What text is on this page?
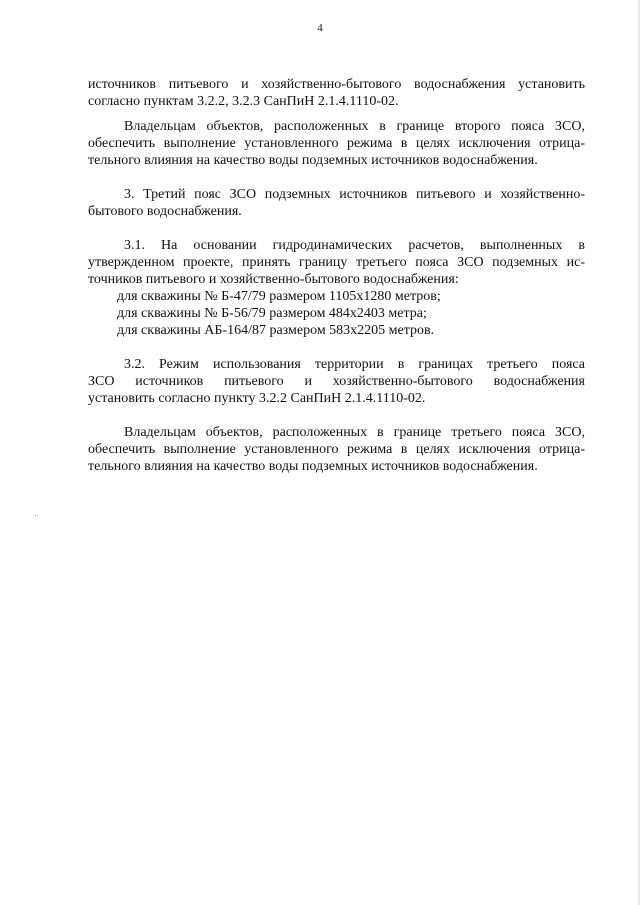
4
источников питьевого и хозяйственно-бытового водоснабжения установить
согласно пунктам 3.2.2, 3.2.3 СанПиН 2.1.4.1110-02.
Владельцам объектов, расположенных в границе второго пояса ЗСО,
обеспечить выполнение установленного режима в целях исключения отрица-
тельного влияния на качество воды подземных источников водоснабжения.
3. Третий пояс ЗСО подземных источников питьевого и хозяйственно-
бытового водоснабжения.
3.1. На основании гидродинамических расчетов, выполненных в
утвержденном проекте, принять границу третьего пояса ЗСО подземных ис-
точников питьевого и хозяйственно-бытового водоснабжения:
для скважины № Б-47/79 размером 1105х1280 метров;
для скважины № Б-56/79 размером 484х2403 метра;
для скважины АБ-164/87 размером 583х2205 метров.
3.2. Режим использования территории в границах третьего пояса
ЗСО источников питьевого и хозяйственно-бытового водоснабжения
установить согласно пункту 3.2.2 СанПиН 2.1.4.1110-02.
Владельцам объектов, расположенных в границе третьего пояса ЗСО,
обеспечить выполнение установленного режима в целях исключения отрица-
тельного влияния на качество воды подземных источников водоснабжения.
